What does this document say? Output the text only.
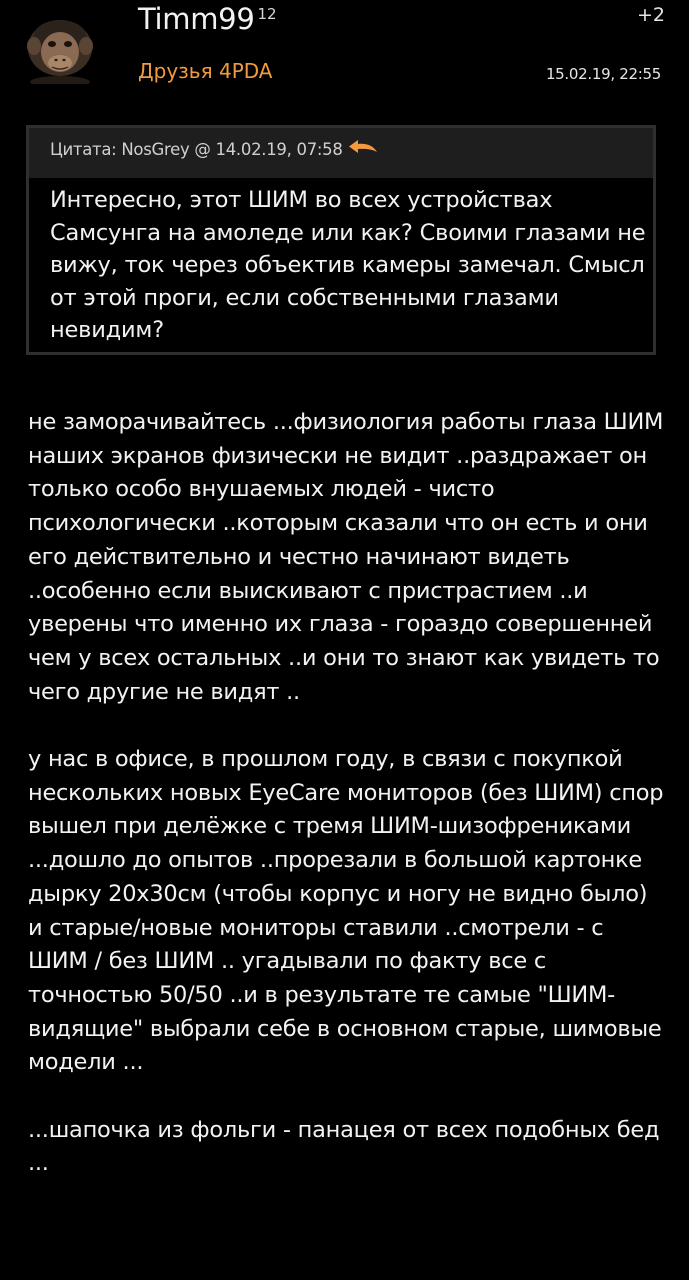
Timm99 12
Друзья 4PDA
+2
15.02.19, 22:55
Цитата: NosGrey @ 14.02.19, 07:58
Интересно, этот ШИМ во всех устройствах Самсунга на амоледе или как? Своими глазами не вижу, ток через объектив камеры замечал. Смысл от этой проги, если собственными глазами невидим?

не заморачивайтесь ...физиология работы глаза ШИМ наших экранов физически не видит ..раздражает он только особо внушаемых людей - чисто психологически ..которым сказали что он есть и они его действительно и честно начинают видеть ..особенно если выискивают с пристрастием ..и уверены что именно их глаза - гораздо совершенней чем у всех остальных ..и они то знают как увидеть то чего другие не видят ..

у нас в офисе, в прошлом году, в связи с покупкой нескольких новых EyeCare мониторов (без ШИМ) спор вышел при делёжке с тремя ШИМ-шизофрениками ...дошло до опытов ..прорезали в большой картонке дырку 20х30см (чтобы корпус и ногу не видно было) и старые/новые мониторы ставили ..смотрели - с ШИМ / без ШИМ .. угадывали по факту все с точностью 50/50 ..и в результате те самые "ШИМ-видящие" выбрали себе в основном старые, шимовые модели ...

...шапочка из фольги - панацея от всех подобных бед ...
